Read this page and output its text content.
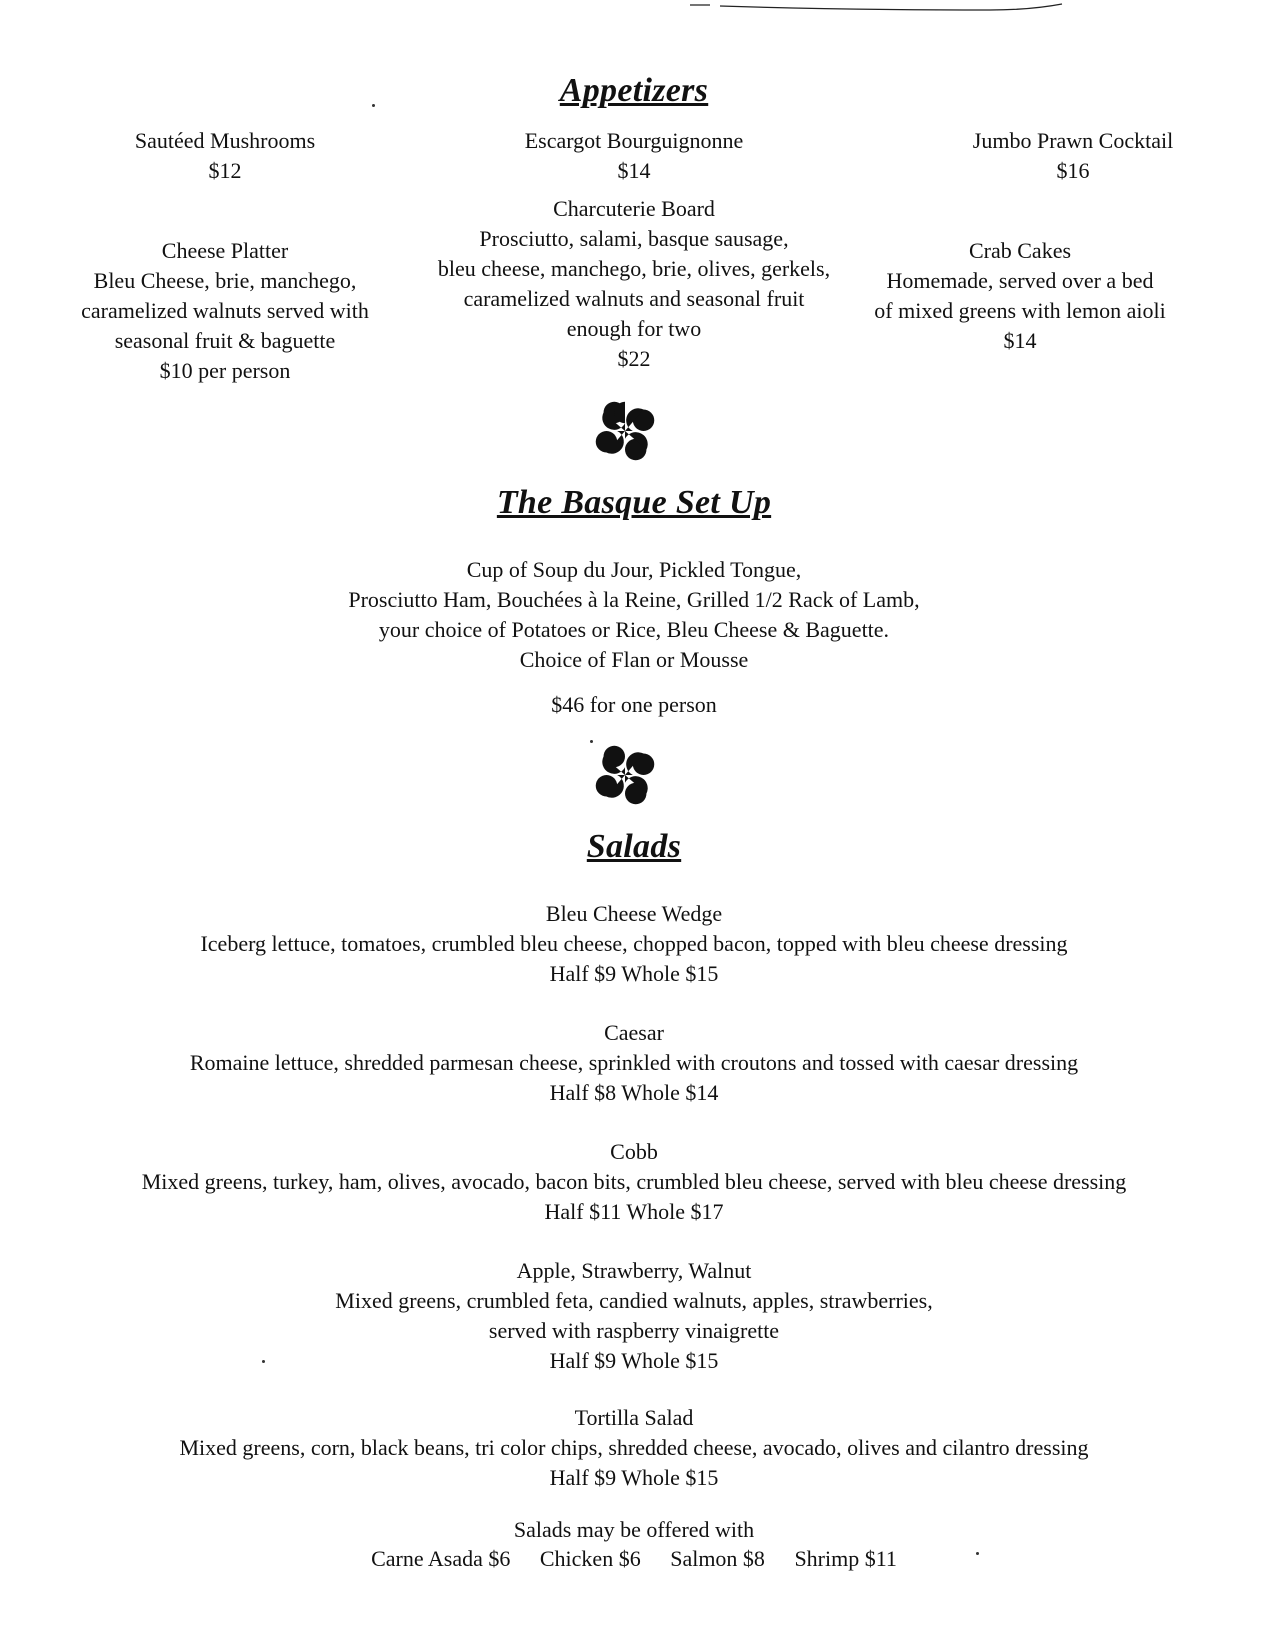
Appetizers
Sautéed Mushrooms
$12
Escargot Bourguignonne
$14
Jumbo Prawn Cocktail
$16
Cheese Platter
Bleu Cheese, brie, manchego,
caramelized walnuts served with
seasonal fruit & baguette
$10 per person
Charcuterie Board
Prosciutto, salami, basque sausage,
bleu cheese, manchego, brie, olives, gerkels,
caramelized walnuts and seasonal fruit
enough for two
$22
Crab Cakes
Homemade, served over a bed
of mixed greens with lemon aioli
$14
The Basque Set Up
Cup of Soup du Jour, Pickled Tongue,
Prosciutto Ham, Bouchées à la Reine, Grilled 1/2 Rack of Lamb,
your choice of Potatoes or Rice, Bleu Cheese & Baguette.
Choice of Flan or Mousse
$46 for one person
Salads
Bleu Cheese Wedge
Iceberg lettuce, tomatoes, crumbled bleu cheese, chopped bacon, topped with bleu cheese dressing
Half $9 Whole $15
Caesar
Romaine lettuce, shredded parmesan cheese, sprinkled with croutons and tossed with caesar dressing
Half $8 Whole $14
Cobb
Mixed greens, turkey, ham, olives, avocado, bacon bits, crumbled bleu cheese, served with bleu cheese dressing
Half $11 Whole $17
Apple, Strawberry, Walnut
Mixed greens, crumbled feta, candied walnuts, apples, strawberries,
served with raspberry vinaigrette
Half $9 Whole $15
Tortilla Salad
Mixed greens, corn, black beans, tri color chips, shredded cheese, avocado, olives and cilantro dressing
Half $9 Whole $15
Salads may be offered with
Carne Asada $6 Chicken $6 Salmon $8 Shrimp $11
